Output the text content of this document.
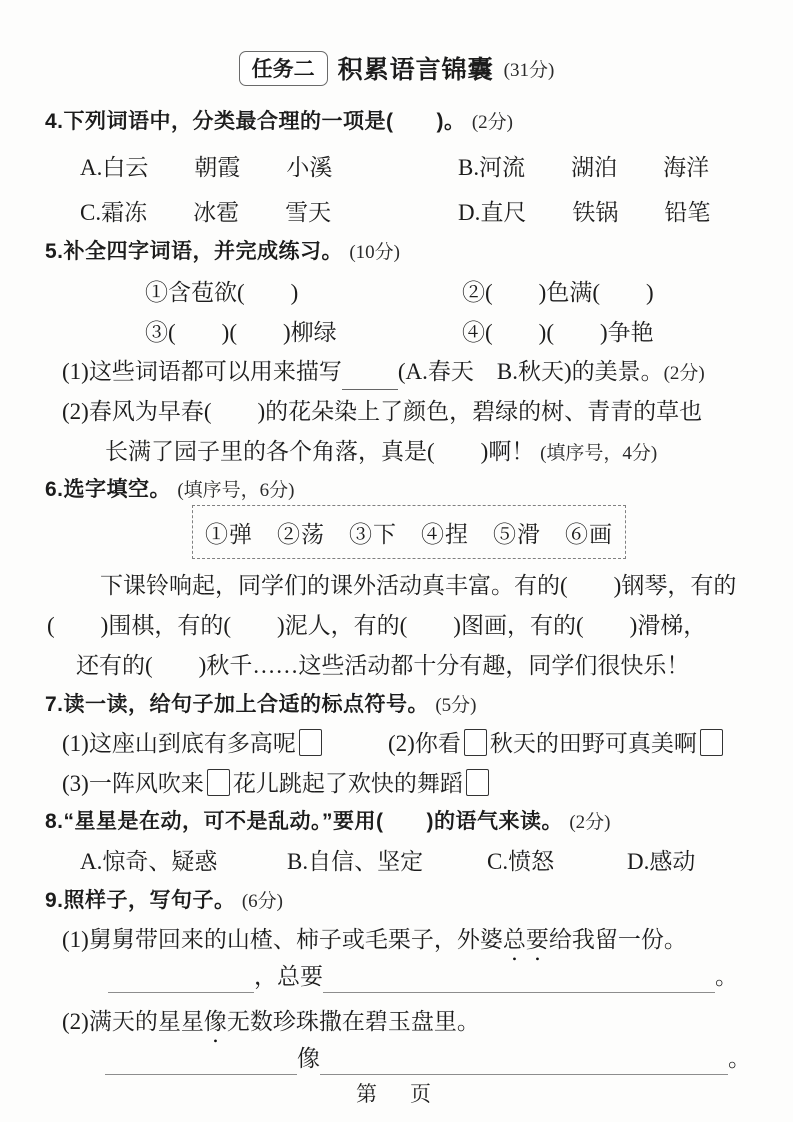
任务二 积累语言锦囊 (31分)
4.下列词语中，分类最合理的一项是(　　)。 (2分)
A.白云　　朝霞　　小溪	B.河流　　湖泊　　海洋
C.霜冻　　冰雹　　雪天	D.直尺　　铁锅　　铅笔
5.补全四字词语，并完成练习。 (10分)
①含苞欲(　　)	②(　　)色满(　　)
③(　　)(　　)柳绿	④(　　)(　　)争艳
(1)这些词语都可以用来描写 (A.春天　B.秋天)的美景。(2分)
(2)春风为早春(　　)的花朵染上了颜色，碧绿的树、青青的草也
长满了园子里的各个角落，真是(　　)啊！ (填序号，4分)
6.选字填空。 (填序号，6分)
①弹　②荡　③下　④捏　⑤滑　⑥画
下课铃响起，同学们的课外活动真丰富。有的(　　)钢琴，有的
(　　)围棋，有的(　　)泥人，有的(　　)图画，有的(　　)滑梯，
还有的(　　)秋千……这些活动都十分有趣，同学们很快乐！
7.读一读，给句子加上合适的标点符号。 (5分)
(1)这座山到底有多高呢	(2)你看 秋天的田野可真美啊
(3)一阵风吹来 花儿跳起了欢快的舞蹈
8.“星星是在动，可不是乱动。”要用(　　)的语气来读。 (2分)
A.惊奇、疑惑	B.自信、坚定	C.愤怒	D.感动
9.照样子，写句子。 (6分)
(1)舅舅带回来的山楂、柿子或毛栗子，外婆总要给我留一份。
，总要	。
(2)满天的星星像无数珍珠撒在碧玉盘里。
像	。
第　页
